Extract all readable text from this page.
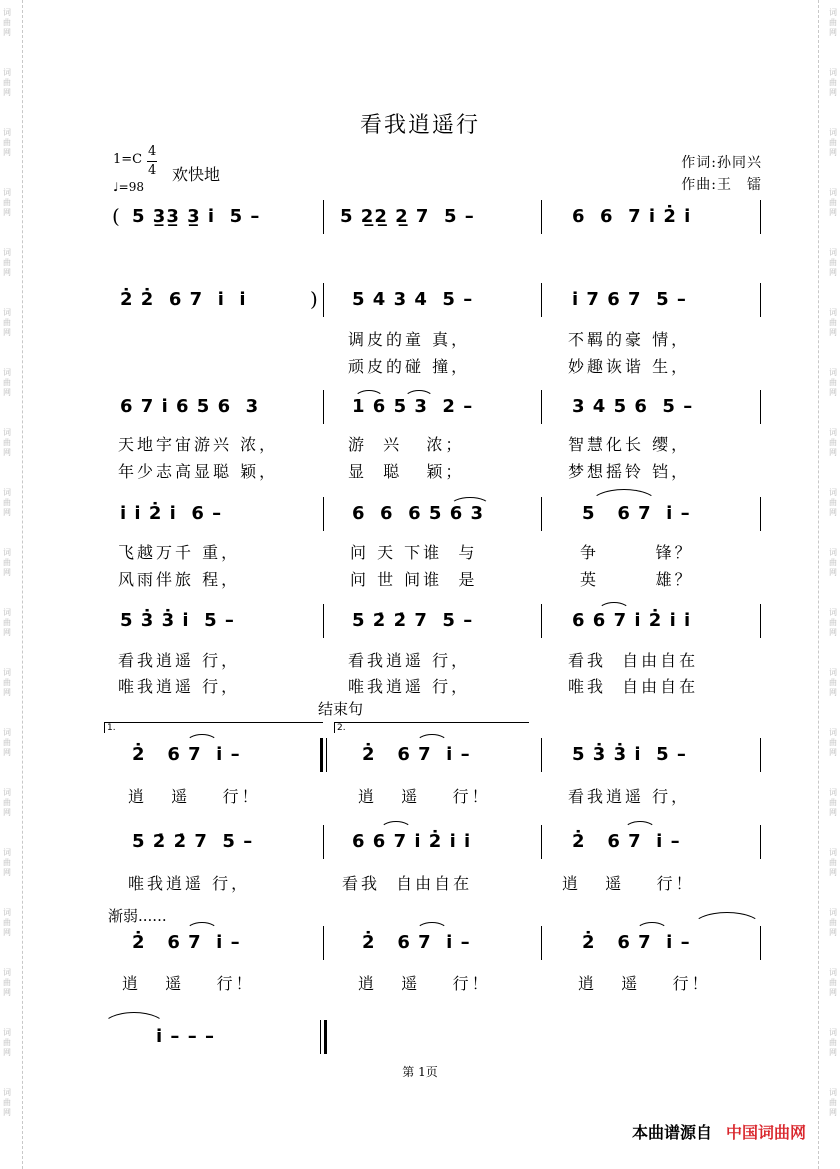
词
曲
网
词
曲
网
词
曲
网
词
曲
网
词
曲
网
词
曲
网
词
曲
网
词
曲
网
词
曲
网
词
曲
网
词
曲
网
词
曲
网
词
曲
网
词
曲
网
词
曲
网
词
曲
网
词
曲
网
词
曲
网
词
曲
网
词
曲
网
词
曲
网
词
曲
网
词
曲
网
词
曲
网
词
曲
网
词
曲
网
词
曲
网
词
曲
网
词
曲
网
词
曲
网
词
曲
网
词
曲
网
词
曲
网
词
曲
网
词
曲
网
词
曲
网
词
曲
网
词
曲
网
看我逍遥行
1=C
4
4 欢快地
♩=98
作词:孙同兴
作曲:王　镭
( 5 3̲3̲ 3̲ i̇  5 –	5 2̲2̲ 2̲ 7  5 –	6  6  7 i̇ 2̇ i̇
2̇ 2̇  6 7  i̇  i̇	) 5 4 3 4  5 –	i̇ 7 6 7  5 –
调皮的童 真，	不羁的豪 情，
顽皮的碰 撞，	妙趣诙谐 生，
6 7 i̇ 6 5 6  3	1 6 5 3  2 –	3 4 5 6  5 –
天地宇宙游兴 浓，	游  兴   浓；	智慧化长 缨，
年少志高显聪 颖，	显  聪   颖；	梦想摇铃 铛，
i̇ i̇ 2̇ i̇  6 –	6  6  6 5 6 3	5   6 7  i̇ –
飞越万千 重，	问 天 下谁  与	争       锋？
风雨伴旅 程，	问 世 间谁  是	英       雄？
5 3̇ 3̇ i̇  5 –	5 2̇ 2̇ 7  5 –	6 6 7 i̇ 2̇ i̇ i̇
看我逍遥 行，	看我逍遥 行，	看我  自由自在
唯我逍遥 行，	唯我逍遥 行，	唯我  自由自在
结束句
1.	2.
2̇   6 7  i̇ –	2̇   6 7  i̇ –	5 3̇ 3̇ i̇  5 –
逍   遥    行！	逍   遥    行！	看我逍遥 行，
5 2̇ 2̇ 7  5 –	6 6 7 i̇ 2̇ i̇ i̇	2̇   6 7  i̇ –
唯我逍遥 行，	看我  自由自在	逍   遥    行！
渐弱......
2̇   6 7  i̇ –	2̇   6 7  i̇ –	2̇   6 7  i̇ –
逍   遥    行！	逍   遥    行！	逍   遥    行！
i̇ – – –
第 1页
本曲谱源自 中国词曲网
